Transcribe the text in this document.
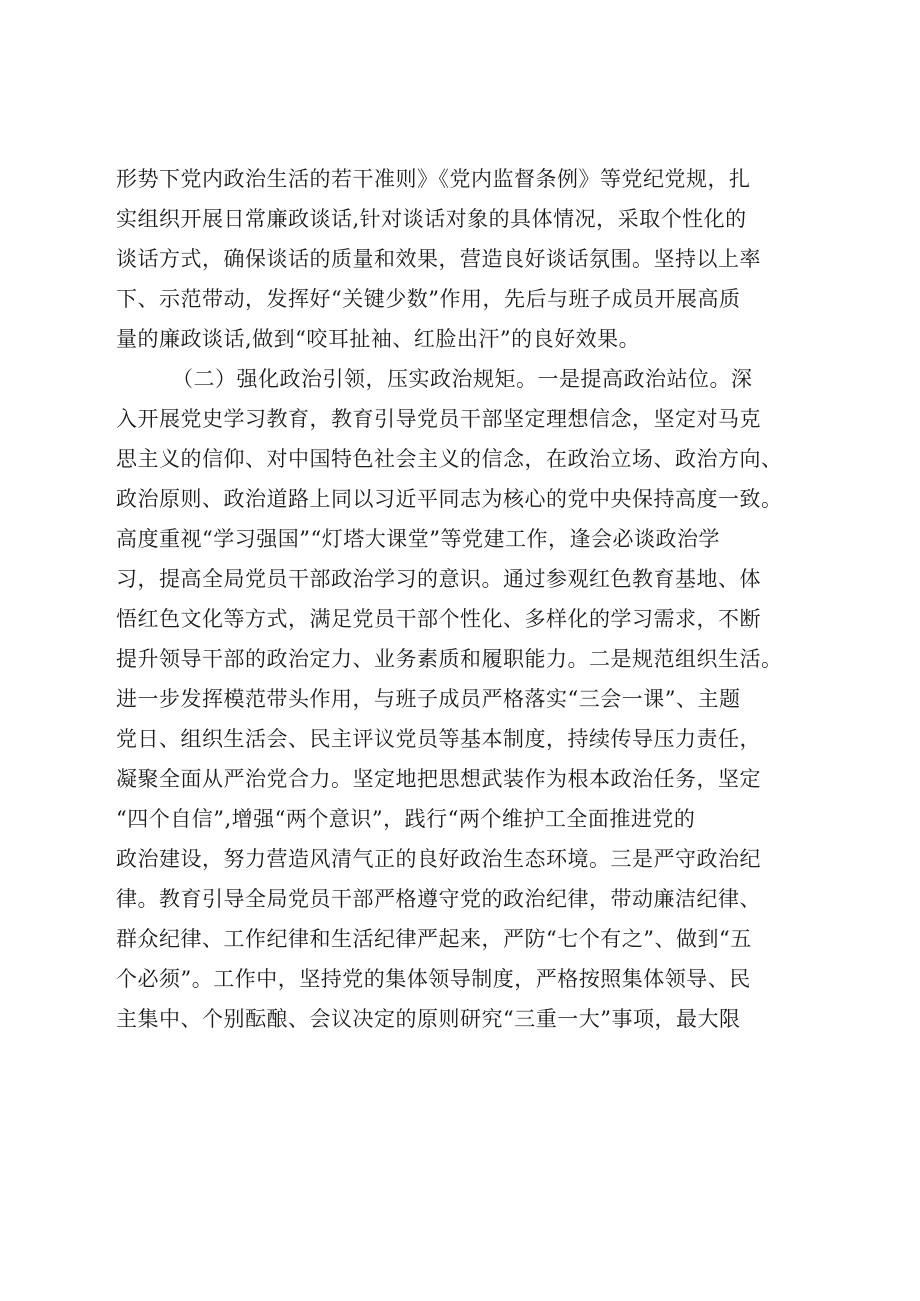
形势下党内政治生活的若干准则》《党内监督条例》等党纪党规，扎
实组织开展日常廉政谈话,针对谈话对象的具体情况，采取个性化的
谈话方式，确保谈话的质量和效果，营造良好谈话氛围。坚持以上率
下、示范带动，发挥好“关键少数”作用，先后与班子成员开展高质
量的廉政谈话,做到“咬耳扯袖、红脸出汗”的良好效果。
（二）强化政治引领，压实政治规矩。一是提高政治站位。深
入开展党史学习教育，教育引导党员干部坚定理想信念，坚定对马克
思主义的信仰、对中国特色社会主义的信念，在政治立场、政治方向、
政治原则、政治道路上同以习近平同志为核心的党中央保持高度一致。
高度重视“学习强国”“灯塔大课堂”等党建工作，逢会必谈政治学
习，提高全局党员干部政治学习的意识。通过参观红色教育基地、体
悟红色文化等方式，满足党员干部个性化、多样化的学习需求，不断
提升领导干部的政治定力、业务素质和履职能力。二是规范组织生活。
进一步发挥模范带头作用，与班子成员严格落实“三会一课”、主题
党日、组织生活会、民主评议党员等基本制度，持续传导压力责任，
凝聚全面从严治党合力。坚定地把思想武装作为根本政治任务，坚定
“四个自信”,增强“两个意识”，践行“两个维护工全面推进党的
政治建设，努力营造风清气正的良好政治生态环境。三是严守政治纪
律。教育引导全局党员干部严格遵守党的政治纪律，带动廉洁纪律、
群众纪律、工作纪律和生活纪律严起来，严防“七个有之”、做到“五
个必须”。工作中，坚持党的集体领导制度，严格按照集体领导、民
主集中、个别酝酿、会议决定的原则研究“三重一大”事项，最大限
